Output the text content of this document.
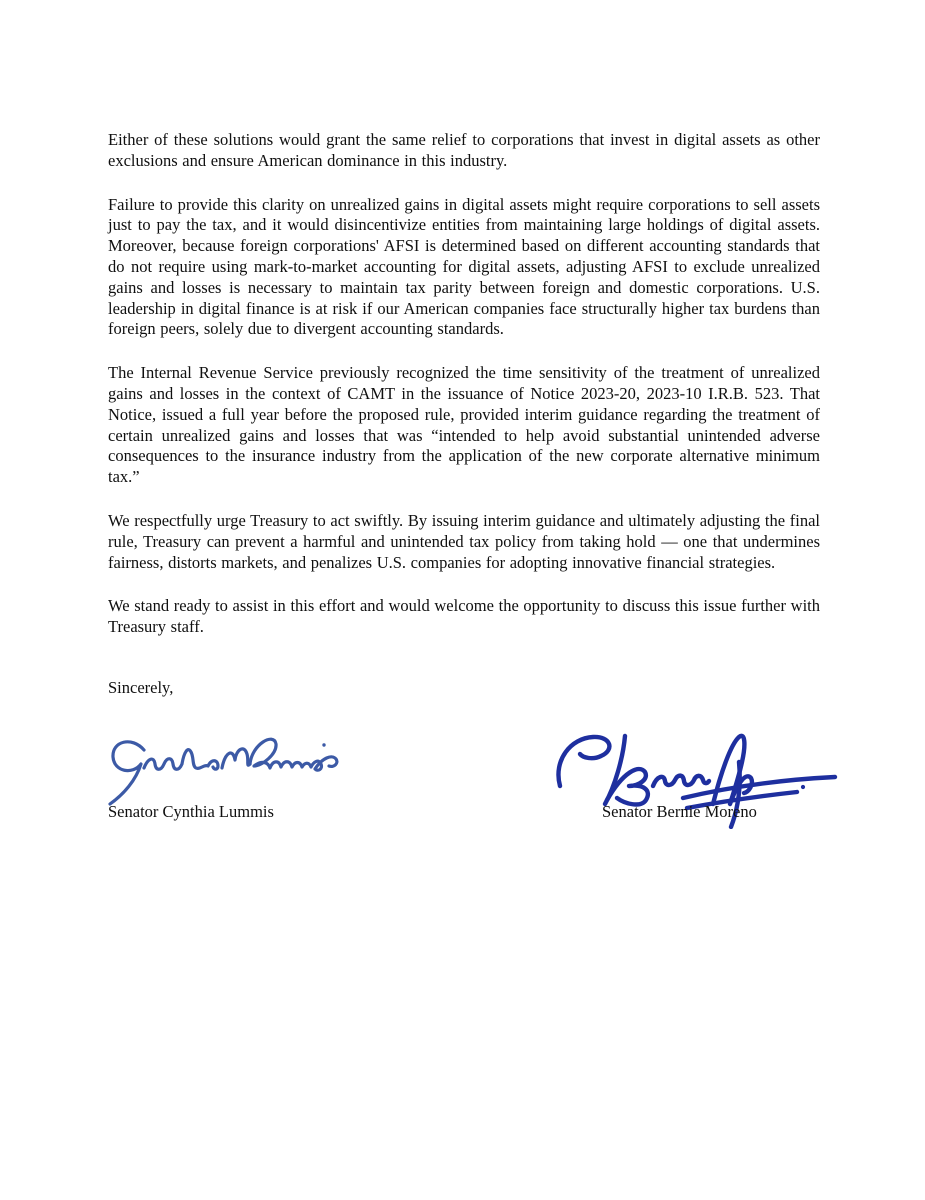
Either of these solutions would grant the same relief to corporations that invest in digital assets as other exclusions and ensure American dominance in this industry.

Failure to provide this clarity on unrealized gains in digital assets might require corporations to sell assets just to pay the tax, and it would disincentivize entities from maintaining large holdings of digital assets. Moreover, because foreign corporations' AFSI is determined based on different accounting standards that do not require using mark-to-market accounting for digital assets, adjusting AFSI to exclude unrealized gains and losses is necessary to maintain tax parity between foreign and domestic corporations. U.S. leadership in digital finance is at risk if our American companies face structurally higher tax burdens than foreign peers, solely due to divergent accounting standards.

The Internal Revenue Service previously recognized the time sensitivity of the treatment of unrealized gains and losses in the context of CAMT in the issuance of Notice 2023-20, 2023-10 I.R.B. 523. That Notice, issued a full year before the proposed rule, provided interim guidance regarding the treatment of certain unrealized gains and losses that was “intended to help avoid substantial unintended adverse consequences to the insurance industry from the application of the new corporate alternative minimum tax.”

We respectfully urge Treasury to act swiftly. By issuing interim guidance and ultimately adjusting the final rule, Treasury can prevent a harmful and unintended tax policy from taking hold — one that undermines fairness, distorts markets, and penalizes U.S. companies for adopting innovative financial strategies.

We stand ready to assist in this effort and would welcome the opportunity to discuss this issue further with Treasury staff.

Sincerely,

Senator Cynthia Lummis	Senator Bernie Moreno
